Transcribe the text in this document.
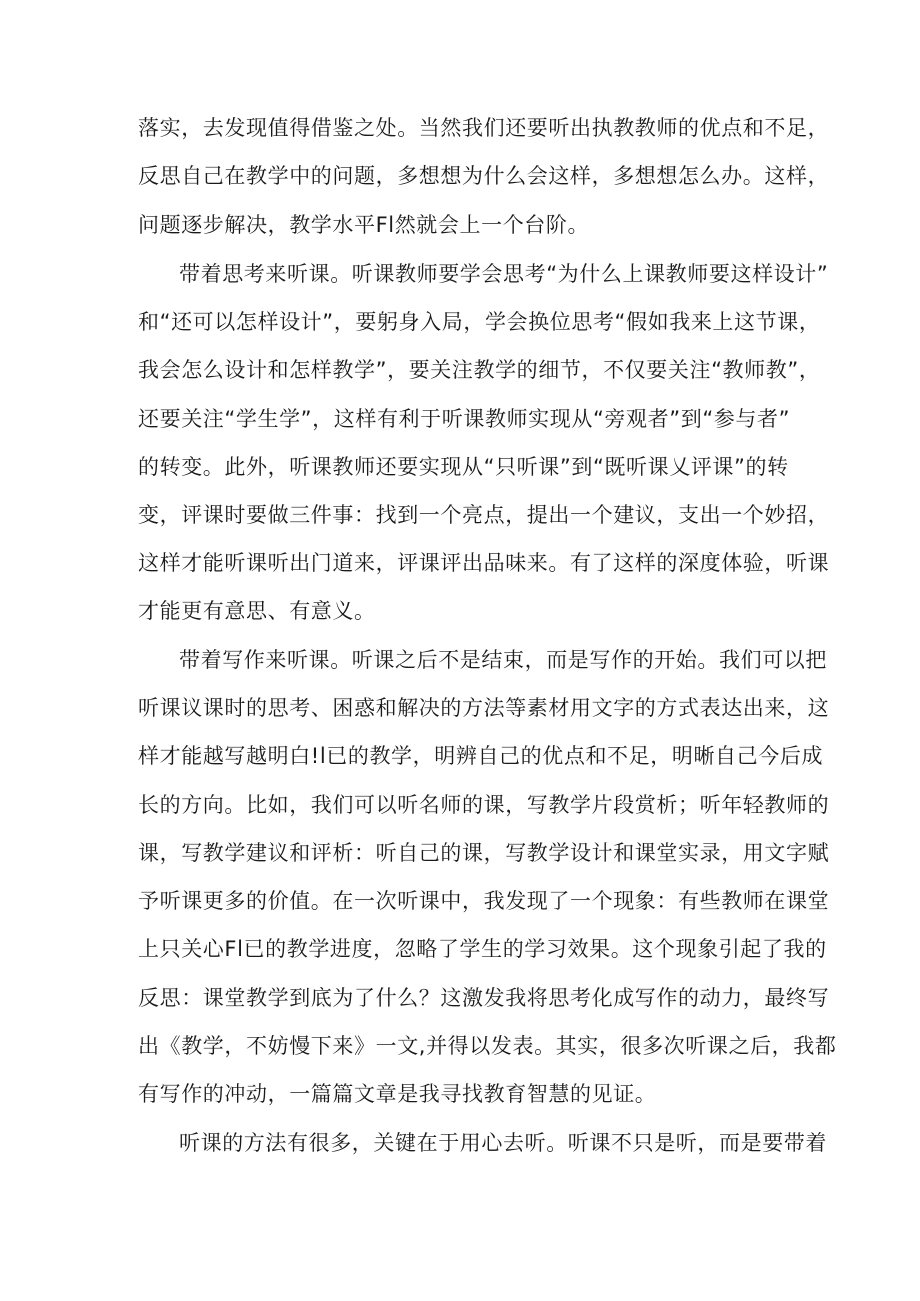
落实，去发现值得借鉴之处。当然我们还要听出执教教师的优点和不足，
反思自己在教学中的问题，多想想为什么会这样，多想想怎么办。这样，
问题逐步解决，教学水平Fl然就会上一个台阶。
带着思考来听课。听课教师要学会思考“为什么上课教师要这样设计”
和“还可以怎样设计”，要躬身入局，学会换位思考“假如我来上这节课，
我会怎么设计和怎样教学”，要关注教学的细节，不仅要关注“教师教”，
还要关注“学生学”，这样有利于听课教师实现从“旁观者”到“参与者”
的转变。此外，听课教师还要实现从“只听课”到“既听课乂评课”的转
变，评课时要做三件事：找到一个亮点，提出一个建议，支出一个妙招，
这样才能听课听出门道来，评课评出品味来。有了这样的深度体验，听课
才能更有意思、有意义。
带着写作来听课。听课之后不是结束，而是写作的开始。我们可以把
听课议课时的思考、困惑和解决的方法等素材用文字的方式表达出来，这
样才能越写越明白!l已的教学，明辨自己的优点和不足，明晰自己今后成
长的方向。比如，我们可以听名师的课，写教学片段赏析；听年轻教师的
课，写教学建议和评析：听自己的课，写教学设计和课堂实录，用文字赋
予听课更多的价值。在一次听课中，我发现了一个现象：有些教师在课堂
上只关心Fl已的教学进度，忽略了学生的学习效果。这个现象引起了我的
反思：课堂教学到底为了什么？这激发我将思考化成写作的动力，最终写
出《教学，不妨慢下来》一文,并得以发表。其实，很多次听课之后，我都
有写作的冲动，一篇篇文章是我寻找教育智慧的见证。
听课的方法有很多，关键在于用心去听。听课不只是听，而是要带着
